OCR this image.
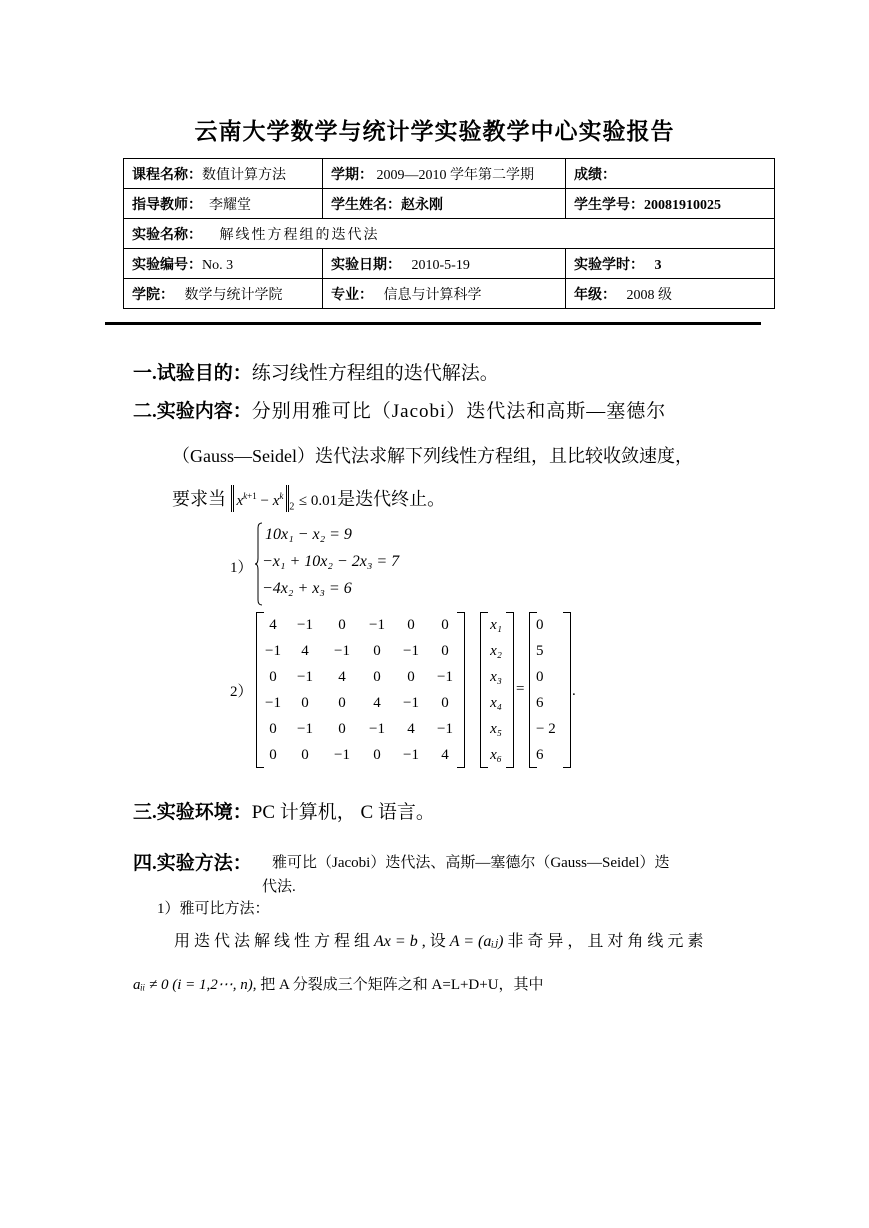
云南大学数学与统计学实验教学中心实验报告
课程名称：数值计算方法	学期： 2009—2010 学年第二学期	成绩：
指导教师： 李耀堂	学生姓名：赵永刚	学生学号：20081910025
实验名称： 解线性方程组的迭代法		
实验编号：No. 3	实验日期： 2010-5-19	实验学时： 3
学院： 数学与统计学院	专业： 信息与计算科学	年级： 2008 级
一.试验目的：练习线性方程组的迭代解法。
二.实验内容：分别用雅可比（Jacobi）迭代法和高斯—塞德尔
（Gauss—Seidel）迭代法求解下列线性方程组，且比较收敛速度，
要求当 $x^{k+1} - x^k_2 \le 0.01$是迭代终止。
1）
10x₁ − x₂ = 9
−x₁ + 10x₂ − 2x₃ = 7
−4x₂ + x₃ = 6
2）
4	−1	0	−1	0	0
−1	4	−1	0	−1	0
0	−1	4	0	0	−1
−1	0	0	4	−1	0
0	−1	0	−1	4	−1
0	0	−1	0	−1	4
x₁
x₂
x₃
x₄
x₅
x₆
=
0
5
0
6
− 2
6
.
三.实验环境：PC 计算机， C 语言。
四.实验方法： 雅可比（Jacobi）迭代法、高斯—塞德尔（Gauss—Seidel）迭
代法.
1）雅可比方法：
用 迭 代 法 解 线 性 方 程 组 Ax = b , 设 A = (aᵢⱼ) 非 奇 异 ， 且 对 角 线 元 素
aᵢᵢ ≠ 0 (i = 1,2⋯, n), 把 A 分裂成三个矩阵之和 A=L+D+U，其中
